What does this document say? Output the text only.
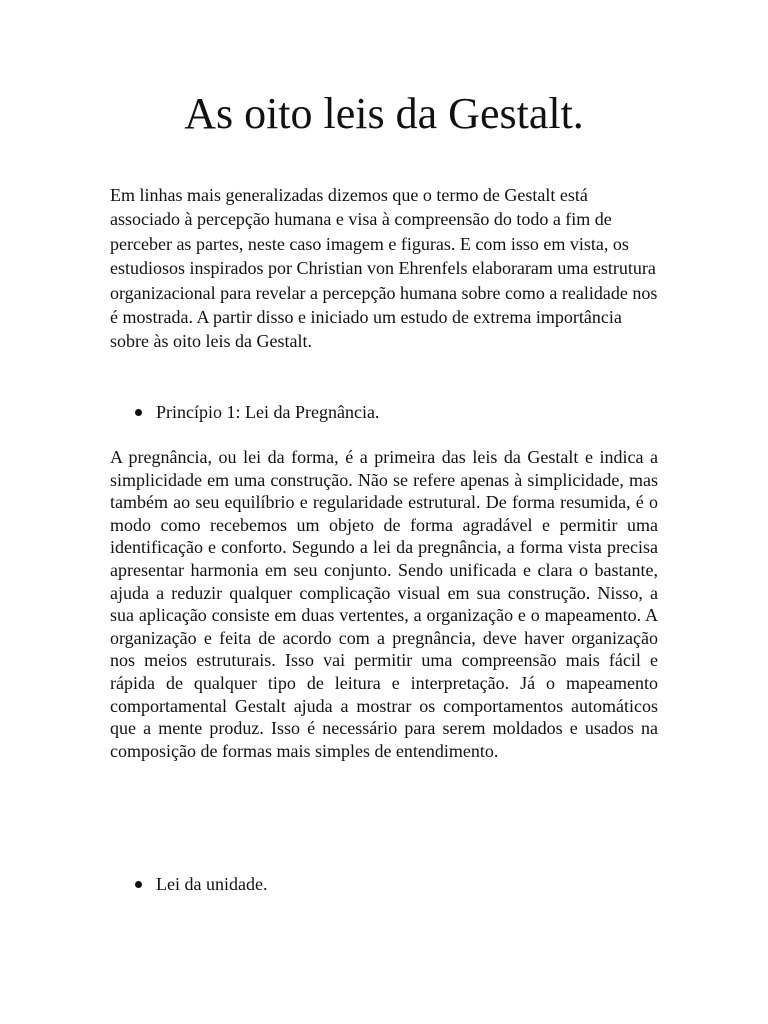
As oito leis da Gestalt.

Em linhas mais generalizadas dizemos que o termo de Gestalt está associado à percepção humana e visa à compreensão do todo a fim de perceber as partes, neste caso imagem e figuras. E com isso em vista, os estudiosos inspirados por Christian von Ehrenfels elaboraram uma estrutura organizacional para revelar a percepção humana sobre como a realidade nos é mostrada. A partir disso e iniciado um estudo de extrema importância sobre às oito leis da Gestalt.

Princípio 1: Lei da Pregnância.

A pregnância, ou lei da forma, é a primeira das leis da Gestalt e indica a simplicidade em uma construção. Não se refere apenas à simplicidade, mas também ao seu equilíbrio e regularidade estrutural. De forma resumida, é o modo como recebemos um objeto de forma agradável e permitir uma identificação e conforto. Segundo a lei da pregnância, a forma vista precisa apresentar harmonia em seu conjunto. Sendo unificada e clara o bastante, ajuda a reduzir qualquer complicação visual em sua construção. Nisso, a sua aplicação consiste em duas vertentes, a organização e o mapeamento. A organização e feita de acordo com a pregnância, deve haver organização nos meios estruturais. Isso vai permitir uma compreensão mais fácil e rápida de qualquer tipo de leitura e interpretação. Já o mapeamento comportamental Gestalt ajuda a mostrar os comportamentos automáticos que a mente produz. Isso é necessário para serem moldados e usados na composição de formas mais simples de entendimento.

Lei da unidade.
